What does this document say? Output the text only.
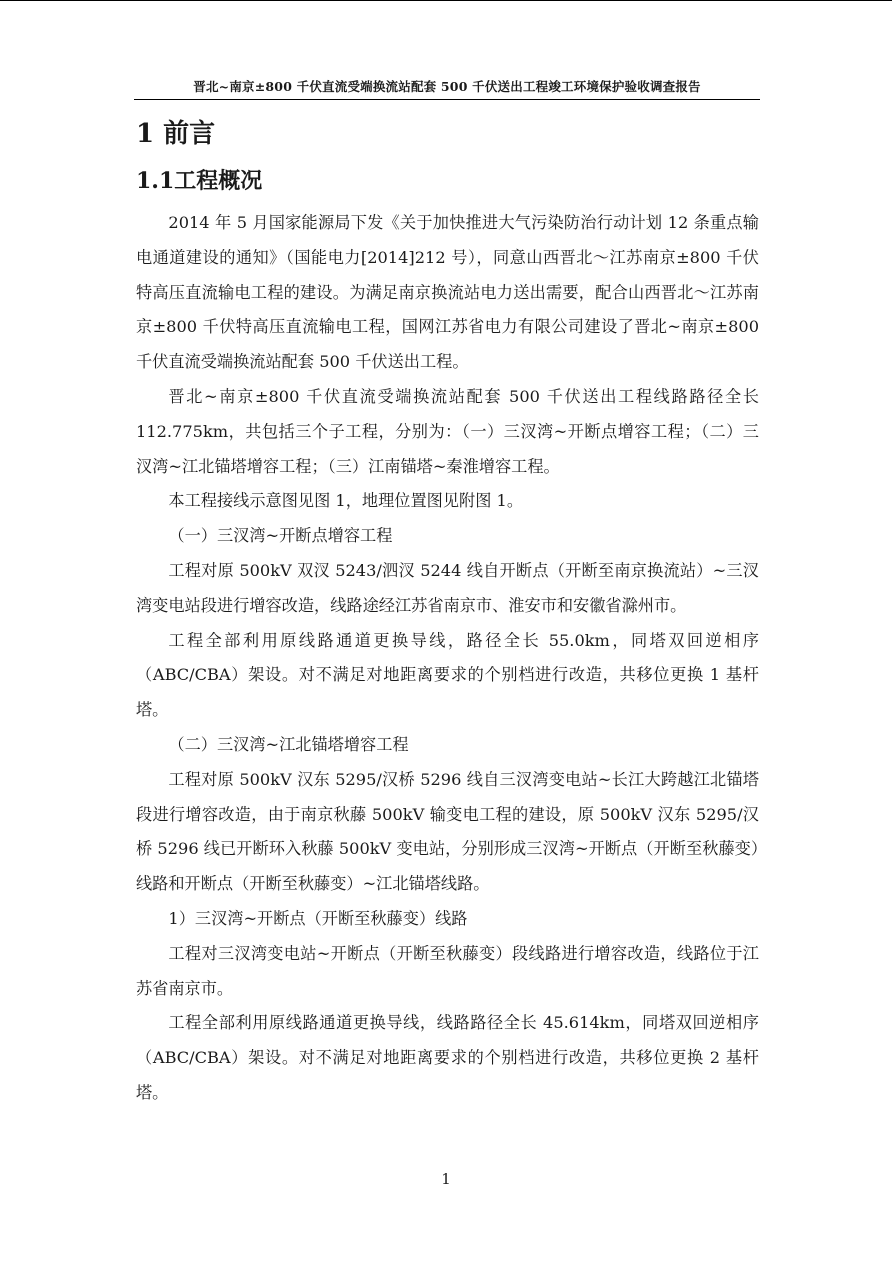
晋北~南京±800 千伏直流受端换流站配套 500 千伏送出工程竣工环境保护验收调查报告
1 前言
1.1工程概况

2014 年 5 月国家能源局下发《关于加快推进大气污染防治行动计划 12 条重点输电通道建设的通知》（国能电力[2014]212 号），同意山西晋北～江苏南京±800 千伏特高压直流输电工程的建设。为满足南京换流站电力送出需要，配合山西晋北～江苏南京±800 千伏特高压直流输电工程，国网江苏省电力有限公司建设了晋北~南京±800 千伏直流受端换流站配套 500 千伏送出工程。

晋北~南京±800 千伏直流受端换流站配套 500 千伏送出工程线路路径全长 112.775km，共包括三个子工程，分别为：（一）三汊湾~开断点增容工程；（二）三汊湾~江北锚塔增容工程；（三）江南锚塔~秦淮增容工程。

本工程接线示意图见图 1，地理位置图见附图 1。

（一）三汊湾~开断点增容工程

工程对原 500kV 双汊 5243/泗汊 5244 线自开断点（开断至南京换流站）~三汊湾变电站段进行增容改造，线路途经江苏省南京市、淮安市和安徽省滁州市。

工程全部利用原线路通道更换导线，路径全长 55.0km，同塔双回逆相序（ABC/CBA）架设。对不满足对地距离要求的个别档进行改造，共移位更换 1 基杆塔。

（二）三汊湾~江北锚塔增容工程

工程对原 500kV 汉东 5295/汉桥 5296 线自三汊湾变电站~长江大跨越江北锚塔段进行增容改造，由于南京秋藤 500kV 输变电工程的建设，原 500kV 汉东 5295/汉桥 5296 线已开断环入秋藤 500kV 变电站，分别形成三汊湾~开断点（开断至秋藤变）线路和开断点（开断至秋藤变）~江北锚塔线路。

1）三汊湾~开断点（开断至秋藤变）线路

工程对三汊湾变电站~开断点（开断至秋藤变）段线路进行增容改造，线路位于江苏省南京市。

工程全部利用原线路通道更换导线，线路路径全长 45.614km，同塔双回逆相序（ABC/CBA）架设。对不满足对地距离要求的个别档进行改造，共移位更换 2 基杆塔。

1
